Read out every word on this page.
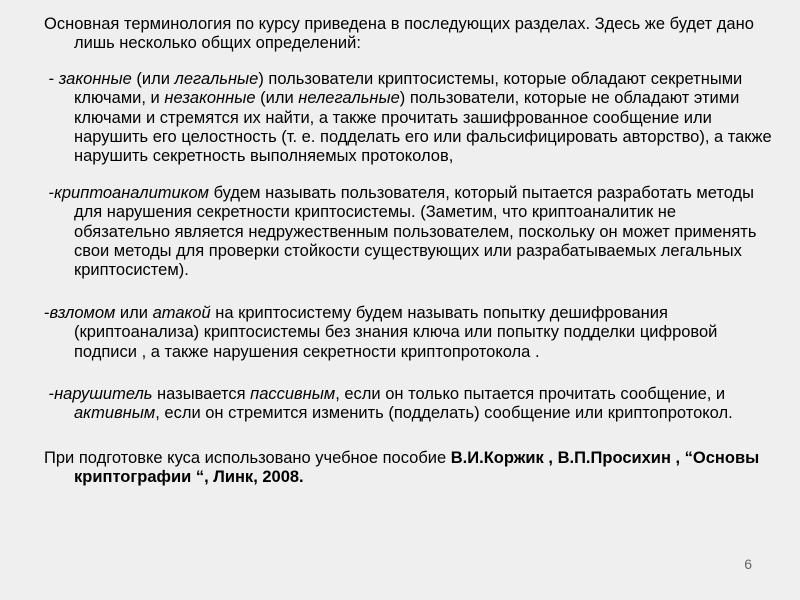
Основная терминология по курсу приведена в последующих разделах. Здесь же будет дано лишь несколько общих определений:
- законные (или легальные) пользователи криптосистемы, которые обладают секретными ключами, и незаконные (или нелегальные) пользователи, которые не обладают этими ключами и стремятся их найти, а также прочитать зашифрованное сообщение или нарушить его целостность (т. е. подделать его или фальсифицировать авторство), а также нарушить секретность выполняемых протоколов,
-криптоаналитиком будем называть пользователя, который пытается разработать методы для нарушения секретности криптосистемы. (Заметим, что криптоаналитик не обязательно является недружественным пользователем, поскольку он может применять свои методы для проверки стойкости существующих или разрабатываемых легальных криптосистем).
-взломом или атакой на криптосистему будем называть попытку дешифрования (криптоанализа) криптосистемы без знания ключа или попытку подделки цифровой подписи , а также нарушения секретности криптопротокола .
-нарушитель называется пассивным, если он только пытается прочитать сообщение, и активным, если он стремится изменить (подделать) сообщение или криптопротокол.
При подготовке куса использовано учебное пособие В.И.Коржик , В.П.Просихин , “Основы криптографии “, Линк, 2008.
6
